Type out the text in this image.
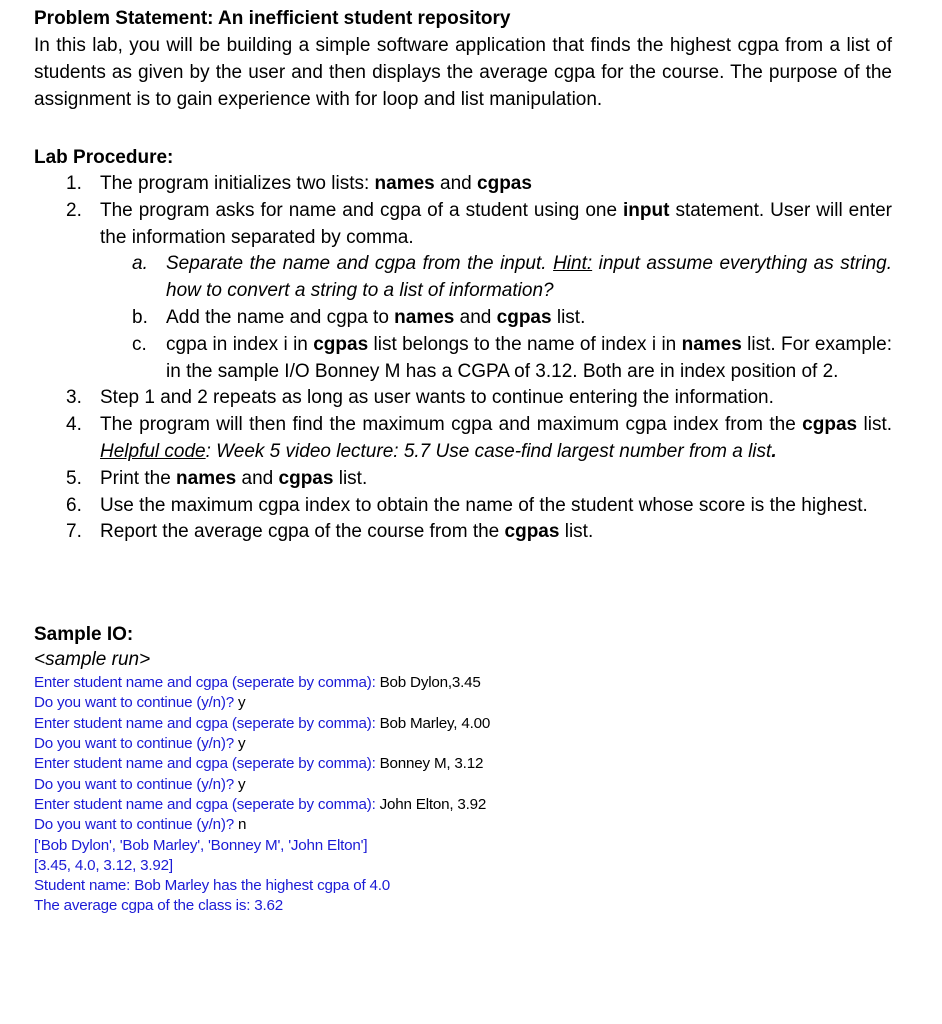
Problem Statement: An inefficient student repository

In this lab, you will be building a simple software application that finds the highest cgpa from a list of students as given by the user and then displays the average cgpa for the course. The purpose of the assignment is to gain experience with for loop and list manipulation.

Lab Procedure:
1. The program initializes two lists: names and cgpas
2. The program asks for name and cgpa of a student using one input statement. User will enter the information separated by comma.
a. Separate the name and cgpa from the input. Hint: input assume everything as string. how to convert a string to a list of information?
b. Add the name and cgpa to names and cgpas list.
c. cgpa in index i in cgpas list belongs to the name of index i in names list. For example: in the sample I/O Bonney M has a CGPA of 3.12. Both are in index position of 2.
3. Step 1 and 2 repeats as long as user wants to continue entering the information.
4. The program will then find the maximum cgpa and maximum cgpa index from the cgpas list. Helpful code: Week 5 video lecture: 5.7 Use case-find largest number from a list.
5. Print the names and cgpas list.
6. Use the maximum cgpa index to obtain the name of the student whose score is the highest.
7. Report the average cgpa of the course from the cgpas list.
Sample IO:
<sample run>
Enter student name and cgpa (seperate by comma): Bob Dylon,3.45
Do you want to continue (y/n)? y
Enter student name and cgpa (seperate by comma): Bob Marley, 4.00
Do you want to continue (y/n)? y
Enter student name and cgpa (seperate by comma): Bonney M, 3.12
Do you want to continue (y/n)? y
Enter student name and cgpa (seperate by comma): John Elton, 3.92
Do you want to continue (y/n)? n
['Bob Dylon', 'Bob Marley', 'Bonney M', 'John Elton']
[3.45, 4.0, 3.12, 3.92]
Student name: Bob Marley has the highest cgpa of 4.0
The average cgpa of the class is: 3.62
